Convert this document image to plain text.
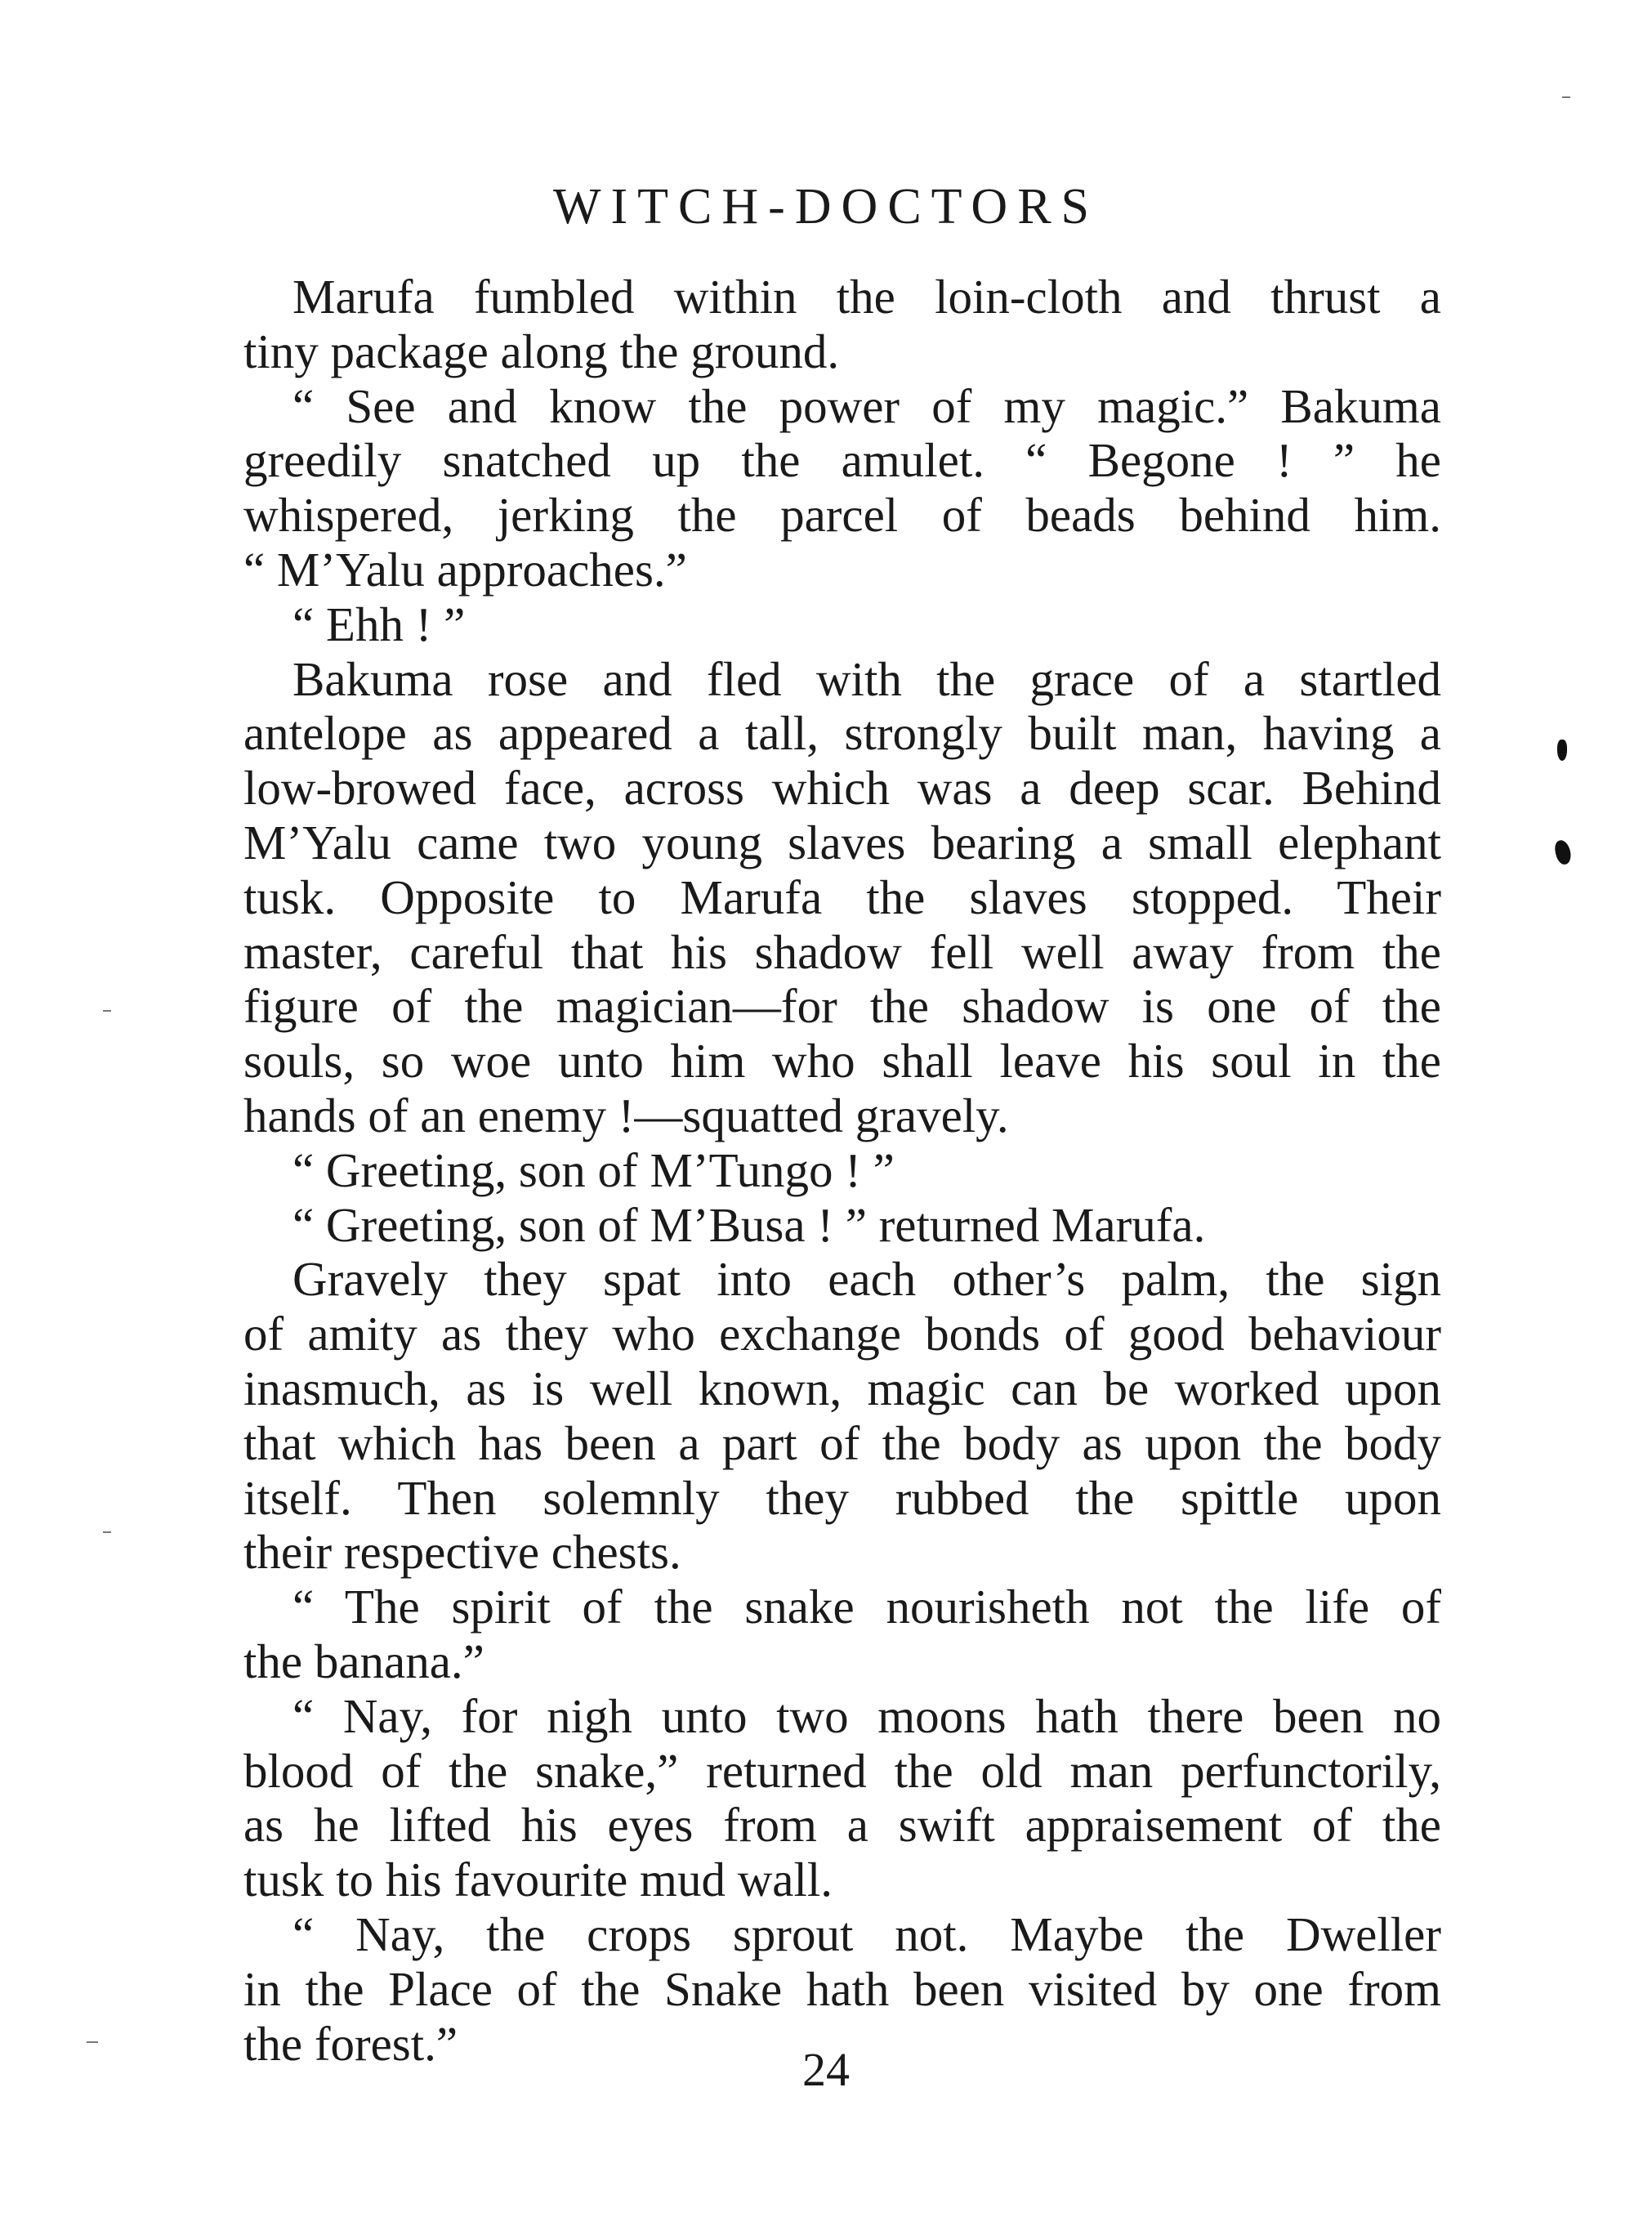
WITCH-DOCTORS
Marufa fumbled within the loin-cloth and thrust a
tiny package along the ground.
“ See and know the power of my magic.” Bakuma
greedily snatched up the amulet. “ Begone ! ” he
whispered, jerking the parcel of beads behind him.
“ M’Yalu approaches.”
“ Ehh ! ”
Bakuma rose and fled with the grace of a startled
antelope as appeared a tall, strongly built man, having a
low-browed face, across which was a deep scar. Behind
M’Yalu came two young slaves bearing a small elephant
tusk. Opposite to Marufa the slaves stopped. Their
master, careful that his shadow fell well away from the
figure of the magician—for the shadow is one of the
souls, so woe unto him who shall leave his soul in the
hands of an enemy !—squatted gravely.
“ Greeting, son of M’Tungo ! ”
“ Greeting, son of M’Busa ! ” returned Marufa.
Gravely they spat into each other’s palm, the sign
of amity as they who exchange bonds of good behaviour
inasmuch, as is well known, magic can be worked upon
that which has been a part of the body as upon the body
itself. Then solemnly they rubbed the spittle upon
their respective chests.
“ The spirit of the snake nourisheth not the life of
the banana.”
“ Nay, for nigh unto two moons hath there been no
blood of the snake,” returned the old man perfunctorily,
as he lifted his eyes from a swift appraisement of the
tusk to his favourite mud wall.
“ Nay, the crops sprout not. Maybe the Dweller
in the Place of the Snake hath been visited by one from
the forest.”	24
